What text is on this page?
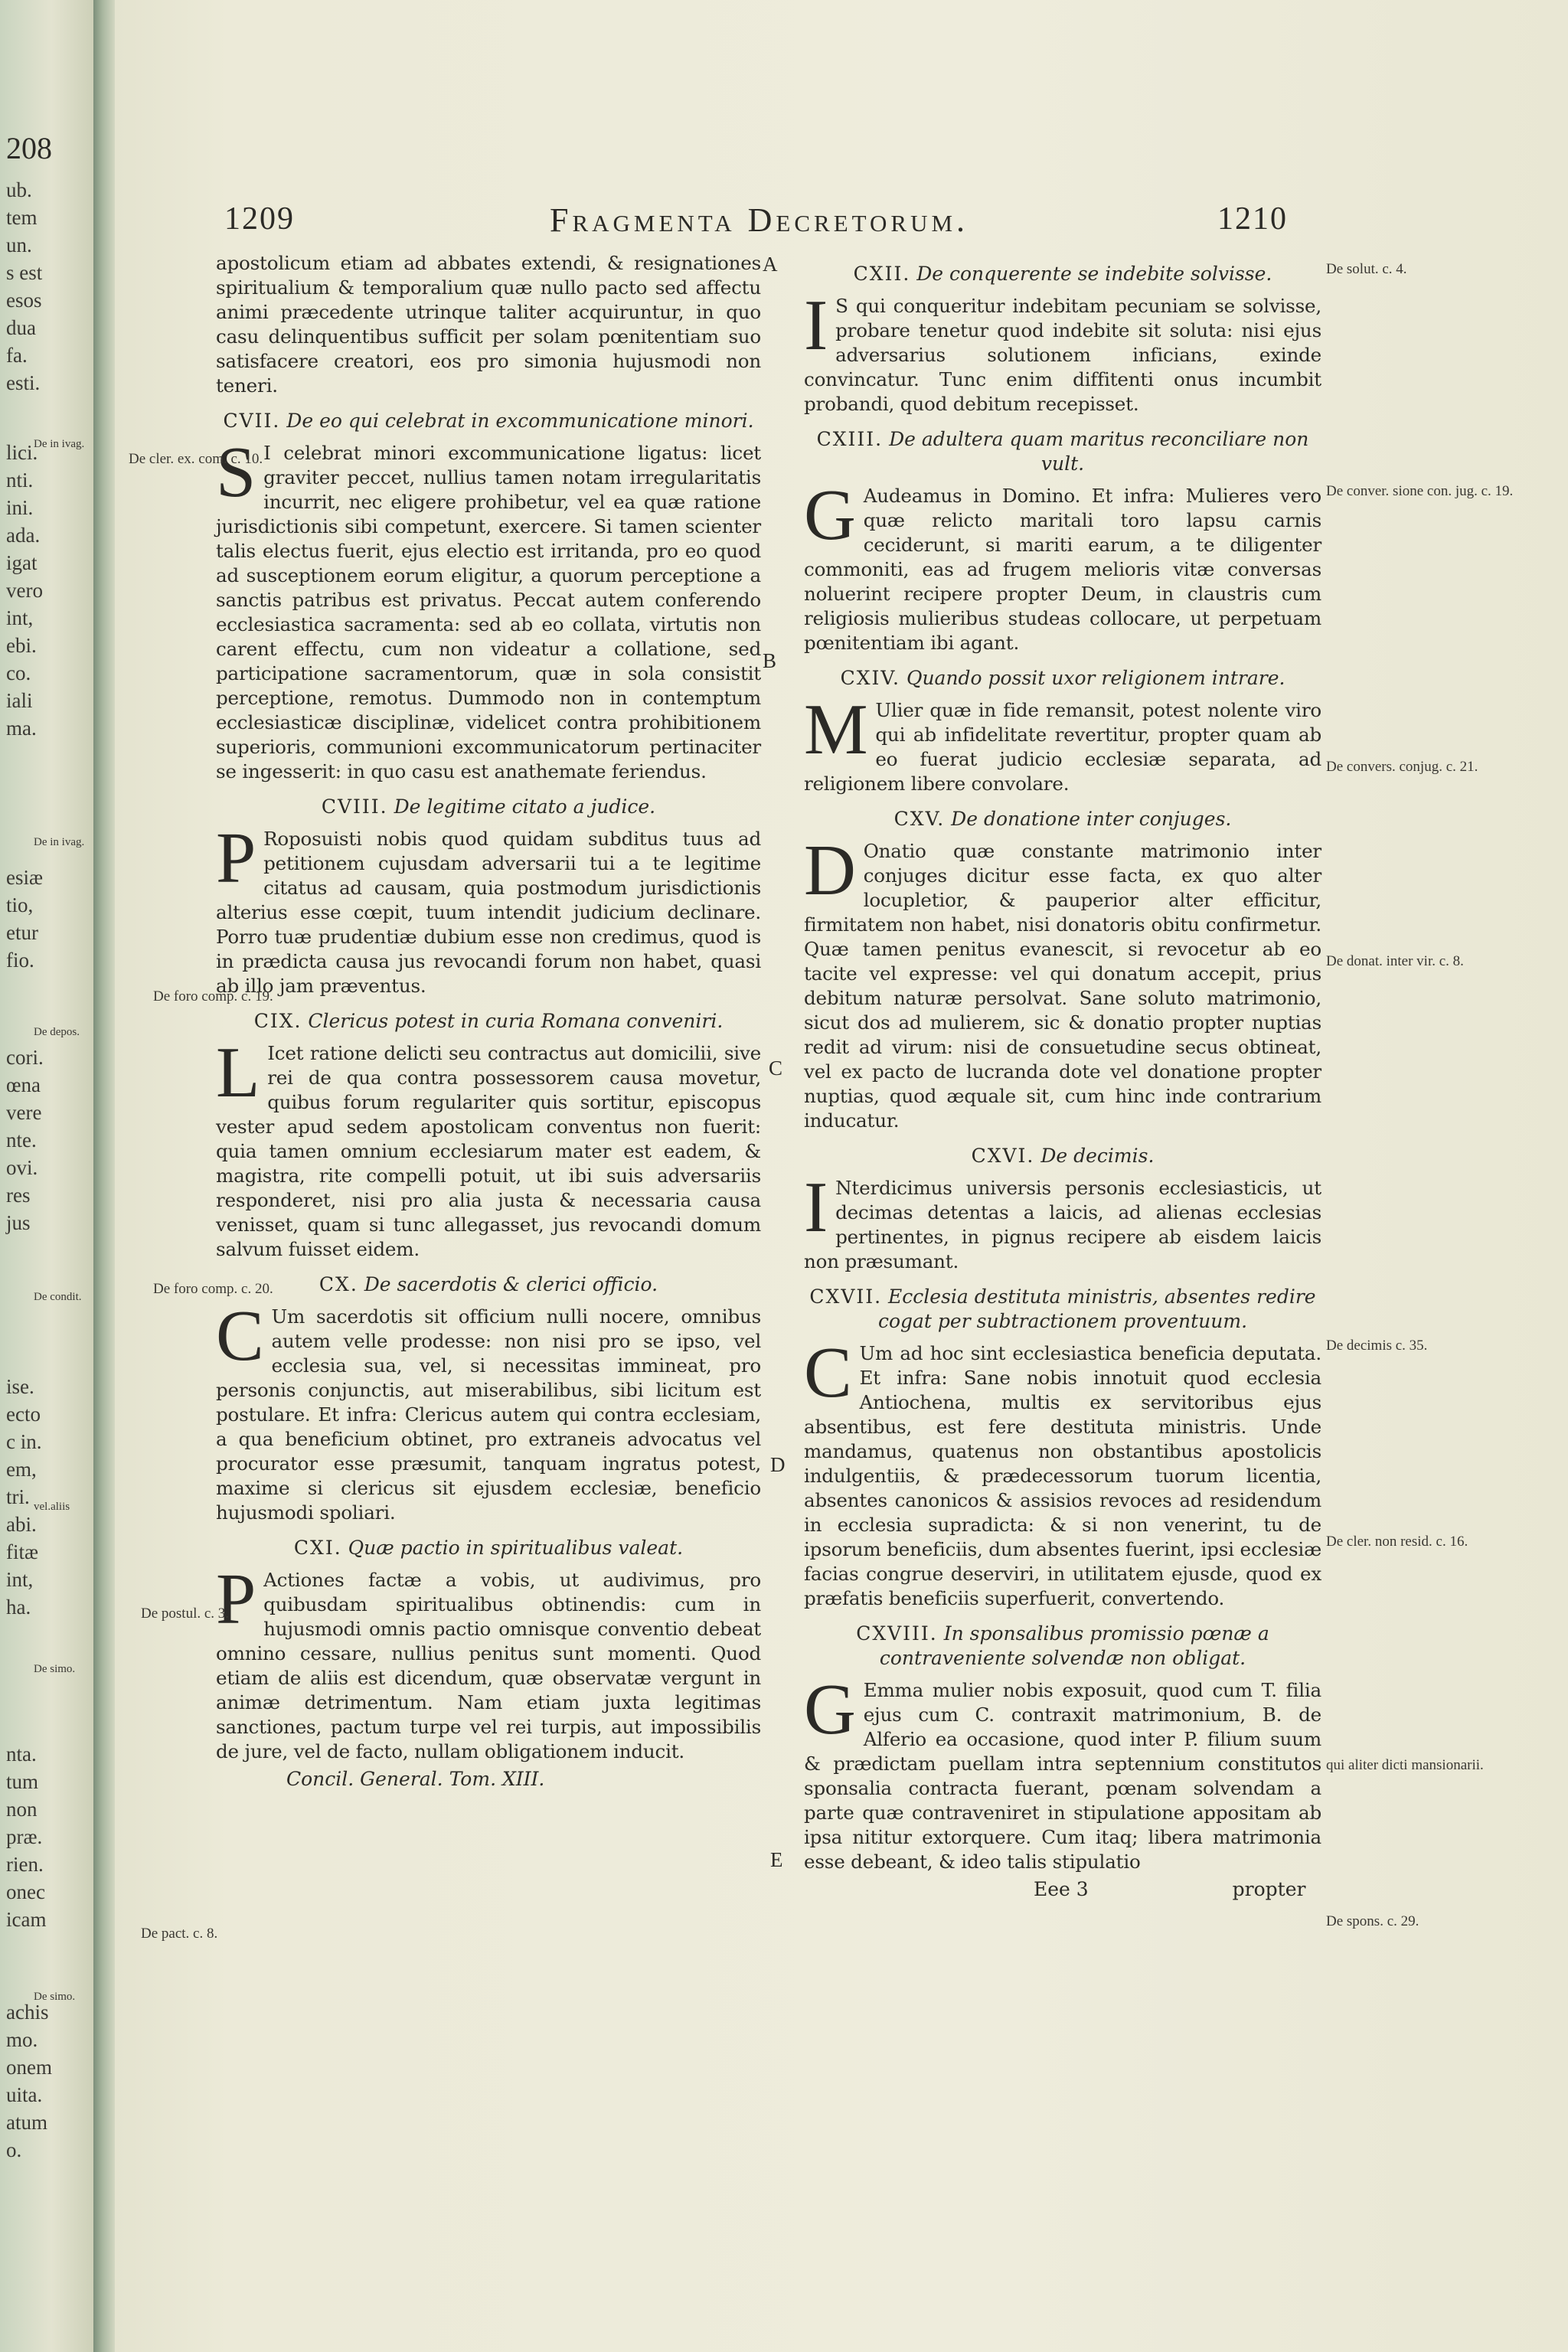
208
ub.
tem
un.
s est
esos
dua
fa.
esti.
lici.
nti.
ini.
ada.
igat
vero
int,
ebi.
co.
iali
ma.
esiæ
tio,
etur
fio.
cori.
œna
vere
nte.
ovi.
res
jus
ise.
ecto
c in.
em,
tri.
abi.
fitæ
int,
ha.
nta.
tum
non
præ.
rien.
onec
icam
achis
mo.
onem
uita.
atum
o.
De in ivag.
De in ivag.
De depos.
De condit.
vel.aliis
De simo.
De simo.
1209	Fragmenta Decretorum.	1210

apostolicum etiam ad abbates extendi, & resignationes spiritualium & temporalium quæ nullo pacto sed affectu animi præcedente utrinque taliter acquiruntur, in quo casu delinquentibus sufficit per solam pœnitentiam suo satisfacere creatori, eos pro simonia hujusmodi non teneri.

CVII. De eo qui celebrat in excommunicatione minori.

S I celebrat minori excommunicatione ligatus: licet graviter peccet, nullius tamen notam irregularitatis incurrit, nec eligere prohibetur, vel ea quæ ratione jurisdictionis sibi competunt, exercere. Si tamen scienter talis electus fuerit, ejus electio est irritanda, pro eo quod ad susceptionem eorum eligitur, a quorum perceptione a sanctis patribus est privatus. Peccat autem conferendo ecclesiastica sacramenta: sed ab eo collata, virtutis non carent effectu, cum non videatur a collatione, sed participatione sacramentorum, quæ in sola consistit perceptione, remotus. Dummodo non in contemptum ecclesiasticæ disciplinæ, videlicet contra prohibitionem superioris, communioni excommunicatorum pertinaciter se ingesserit: in quo casu est anathemate feriendus.

CVIII. De legitime citato a judice.

P Roposuisti nobis quod quidam subditus tuus ad petitionem cujusdam adversarii tui a te legitime citatus ad causam, quia postmodum jurisdictionis alterius esse cœpit, tuum intendit judicium declinare. Porro tuæ prudentiæ dubium esse non credimus, quod is in prædicta causa jus revocandi forum non habet, quasi ab illo jam præventus.

CIX. Clericus potest in curia Romana conveniri.

L Icet ratione delicti seu contractus aut domicilii, sive rei de qua contra possessorem causa movetur, quibus forum regulariter quis sortitur, episcopus vester apud sedem apostolicam conventus non fuerit: quia tamen omnium ecclesiarum mater est eadem, & magistra, rite compelli potuit, ut ibi suis adversariis responderet, nisi pro alia justa & necessaria causa venisset, quam si tunc allegasset, jus revocandi domum salvum fuisset eidem.

CX. De sacerdotis & clerici officio.

C Um sacerdotis sit officium nulli nocere, omnibus autem velle prodesse: non nisi pro se ipso, vel ecclesia sua, vel, si necessitas immineat, pro personis conjunctis, aut miserabilibus, sibi licitum est postulare. Et infra: Clericus autem qui contra ecclesiam, a qua beneficium obtinet, pro extraneis advocatus vel procurator esse præsumit, tanquam ingratus potest, maxime si clericus sit ejusdem ecclesiæ, beneficio hujusmodi spoliari.

CXI. Quæ pactio in spiritualibus valeat.

P Actiones factæ a vobis, ut audivimus, pro quibusdam spiritualibus obtinendis: cum in hujusmodi omnis pactio omnisque conventio debeat omnino cessare, nullius penitus sunt momenti. Quod etiam de aliis est dicendum, quæ observatæ vergunt in animæ detrimentum. Nam etiam juxta legitimas sanctiones, pactum turpe vel rei turpis, aut impossibilis de jure, vel de facto, nullam obligationem inducit.

Concil. General. Tom. XIII.
CXII. De conquerente se indebite solvisse.

I S qui conqueritur indebitam pecuniam se solvisse, probare tenetur quod indebite sit soluta: nisi ejus adversarius solutionem inficians, exinde convincatur. Tunc enim diffitenti onus incumbit probandi, quod debitum recepisset.

CXIII. De adultera quam maritus reconciliare non vult.

G Audeamus in Domino. Et infra: Mulieres vero quæ relicto maritali toro lapsu carnis ceciderunt, si mariti earum, a te diligenter commoniti, eas ad frugem melioris vitæ conversas noluerint recipere propter Deum, in claustris cum religiosis mulieribus studeas collocare, ut perpetuam pœnitentiam ibi agant.

CXIV. Quando possit uxor religionem intrare.

M Ulier quæ in fide remansit, potest nolente viro qui ab infidelitate revertitur, propter quam ab eo fuerat judicio ecclesiæ separata, ad religionem libere convolare.

CXV. De donatione inter conjuges.

D Onatio quæ constante matrimonio inter conjuges dicitur esse facta, ex quo alter locupletior, & pauperior alter efficitur, firmitatem non habet, nisi donatoris obitu confirmetur. Quæ tamen penitus evanescit, si revocetur ab eo tacite vel expresse: vel qui donatum accepit, prius debitum naturæ persolvat. Sane soluto matrimonio, sicut dos ad mulierem, sic & donatio propter nuptias redit ad virum: nisi de consuetudine secus obtineat, vel ex pacto de lucranda dote vel donatione propter nuptias, quod æquale sit, cum hinc inde contrarium inducatur.

CXVI. De decimis.

I Nterdicimus universis personis ecclesiasticis, ut decimas detentas a laicis, ad alienas ecclesias pertinentes, in pignus recipere ab eisdem laicis non præsumant.

CXVII. Ecclesia destituta ministris, absentes redire cogat per subtractionem proventuum.

C Um ad hoc sint ecclesiastica beneficia deputata. Et infra: Sane nobis innotuit quod ecclesia Antiochena, multis ex servitoribus ejus absentibus, est fere destituta ministris. Unde mandamus, quatenus non obstantibus apostolicis indulgentiis, & prædecessorum tuorum licentia, absentes canonicos & assisios revoces ad residendum in ecclesia supradicta: & si non venerint, tu de ipsorum beneficiis, dum absentes fuerint, ipsi ecclesiæ facias congrue deserviri, in utilitatem ejusde, quod ex præfatis beneficiis superfuerit, convertendo.

CXVIII. In sponsalibus promissio pœnæ a contraveniente solvendæ non obligat.

G Emma mulier nobis exposuit, quod cum T. filia ejus cum C. contraxit matrimonium, B. de Alferio ea occasione, quod inter P. filium suum & prædictam puellam intra septennium constitutos sponsalia contracta fuerant, pœnam solvendam a parte quæ contraveniret in stipulatione appositam ab ipsa nititur extorquere. Cum itaq; libera matrimonia esse debeant, & ideo talis stipulatio

Eee 3	propter
A
B
C
D
E
De cler. ex. com. c. 10.
De foro comp. c. 19.
De foro comp. c. 20.
De postul. c. 3.
De pact. c. 8.
De solut. c. 4.
De conver. sione con. jug. c. 19.
De convers. conjug. c. 21.
De donat. inter vir. c. 8.
De decimis c. 35.
De cler. non resid. c. 16.
qui aliter dicti mansionarii.
De spons. c. 29.
